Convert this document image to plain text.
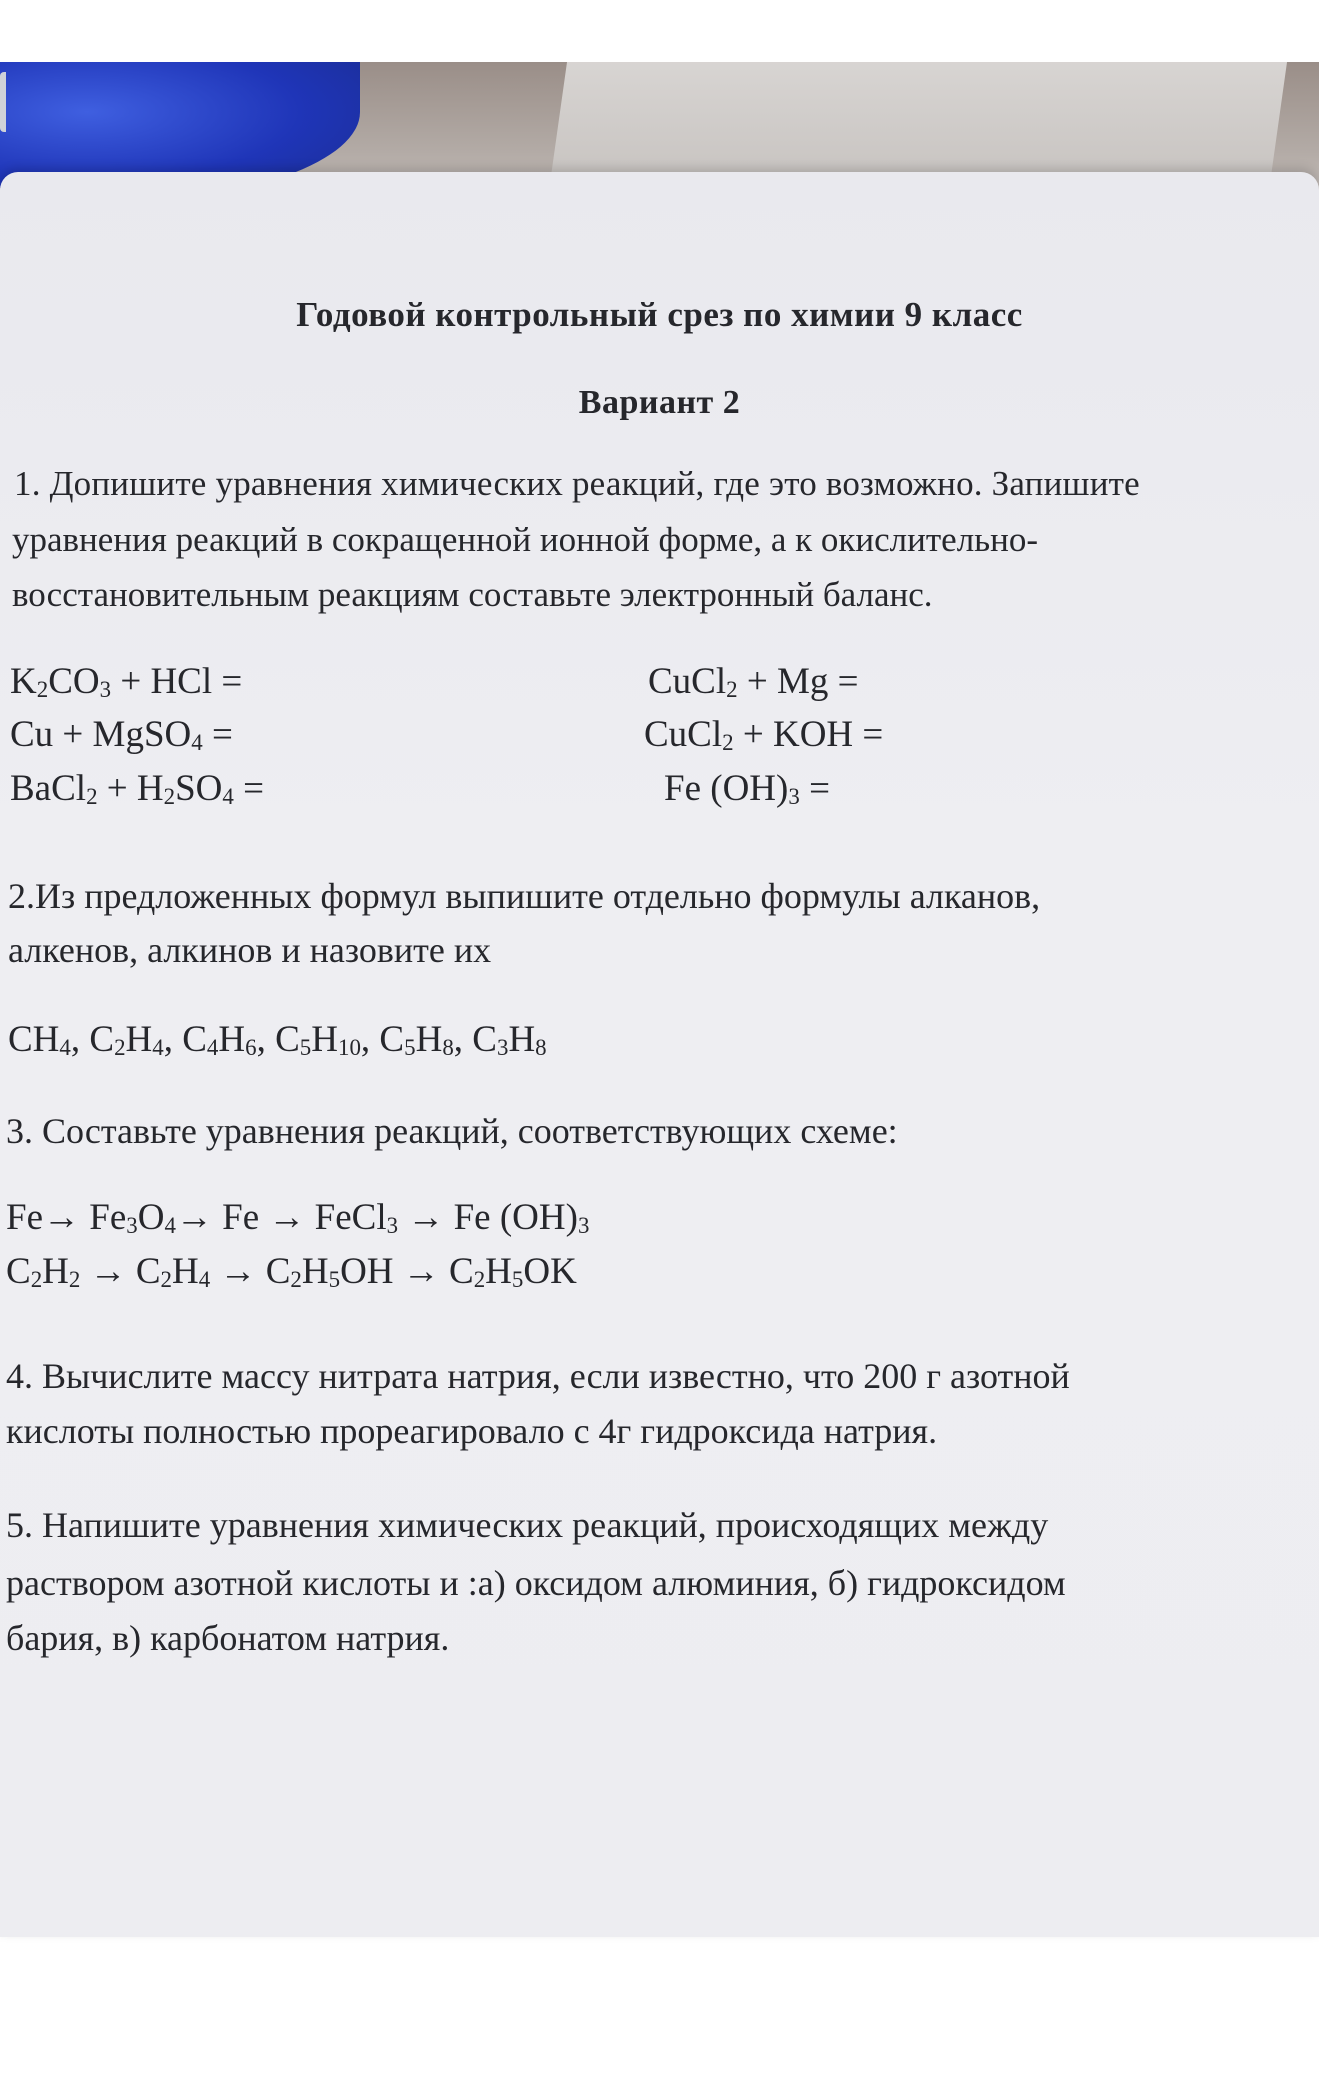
Годовой контрольный срез по химии 9 класс
Вариант 2
1. Допишите уравнения химических реакций, где это возможно. Запишите
уравнения реакций в сокращенной ионной форме, а к окислительно-
восстановительным реакциям составьте электронный баланс.
$K_2CO_3$ + HCl =
Cu + MgSO$_4$ =
BaCl$_2$ + $H_2SO_4$ =
CuCl$_2$ + Mg =
CuCl$_2$ + KOH =
Fe $(OH)_3$ =
2.Из предложенных формул выпишите отдельно формулы алканов,
алкенов, алкинов и назовите их
$CH_4$, $C_2H_4$, $C_4H_6$, $C_5H_{10}$, $C_5H_8$, $C_3H_8$
3. Составьте уравнения реакций, соответствующих схеме:
$Fe\to Fe_3O_4\to Fe$ → FeCl$_3$ → Fe $(OH)_3$
$C_2H_2 \to C_2H_4 \to C_2H_5OH \to C_2H_5OK$
4. Вычислите массу нитрата натрия, если известно, что 200 г азотной
кислоты полностью прореагировало с 4г гидроксида натрия.
5. Напишите уравнения химических реакций, происходящих между
раствором азотной кислоты и :а) оксидом алюминия, б) гидроксидом
бария, в) карбонатом натрия.
